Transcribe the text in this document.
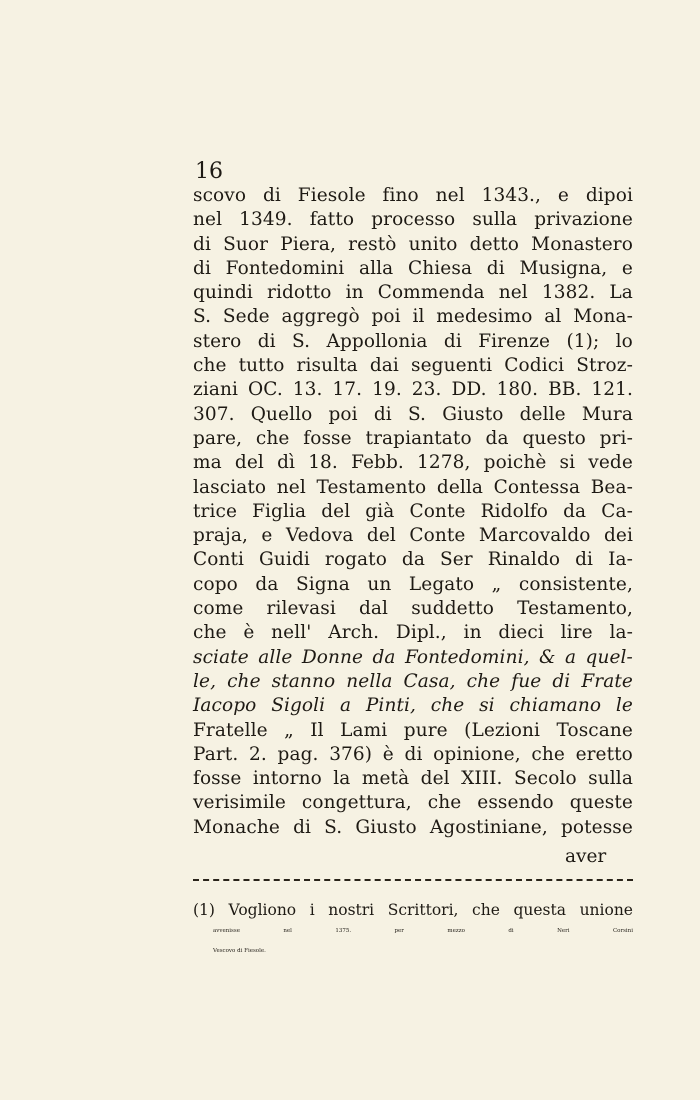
16
scovo di Fiesole fino nel 1343., e dipoi
nel 1349. fatto processo sulla privazione
di Suor Piera, restò unito detto Monastero
di Fontedomini alla Chiesa di Musigna, e
quindi ridotto in Commenda nel 1382. La
S. Sede aggregò poi il medesimo al Mona-
stero di S. Appollonia di Firenze (1); lo
che tutto risulta dai seguenti Codici Stroz-
ziani OC. 13. 17. 19. 23. DD. 180. BB. 121.
307. Quello poi di S. Giusto delle Mura
pare, che fosse trapiantato da questo pri-
ma del dì 18. Febb. 1278, poichè si vede
lasciato nel Testamento della Contessa Bea-
trice Figlia del già Conte Ridolfo da Ca-
praja, e Vedova del Conte Marcovaldo dei
Conti Guidi rogato da Ser Rinaldo di Ia-
copo da Signa un Legato „ consistente,
come rilevasi dal suddetto Testamento,
che è nell' Arch. Dipl., in dieci lire la-
sciate alle Donne da Fontedomini, & a quel-
le, che stanno nella Casa, che fue di Frate
Iacopo Sigoli a Pinti, che si chiamano le
Fratelle „ Il Lami pure (Lezioni Toscane
Part. 2. pag. 376) è di opinione, che eretto
fosse intorno la metà del XIII. Secolo sulla
verisimile congettura, che essendo queste
Monache di S. Giusto Agostiniane, potesse
aver
(1) Vogliono i nostri Scrittori, che questa unione
avvenisse	nel	1375.	per	mezzo	di	Neri	Corsini
Vescovo di Fiesole.
